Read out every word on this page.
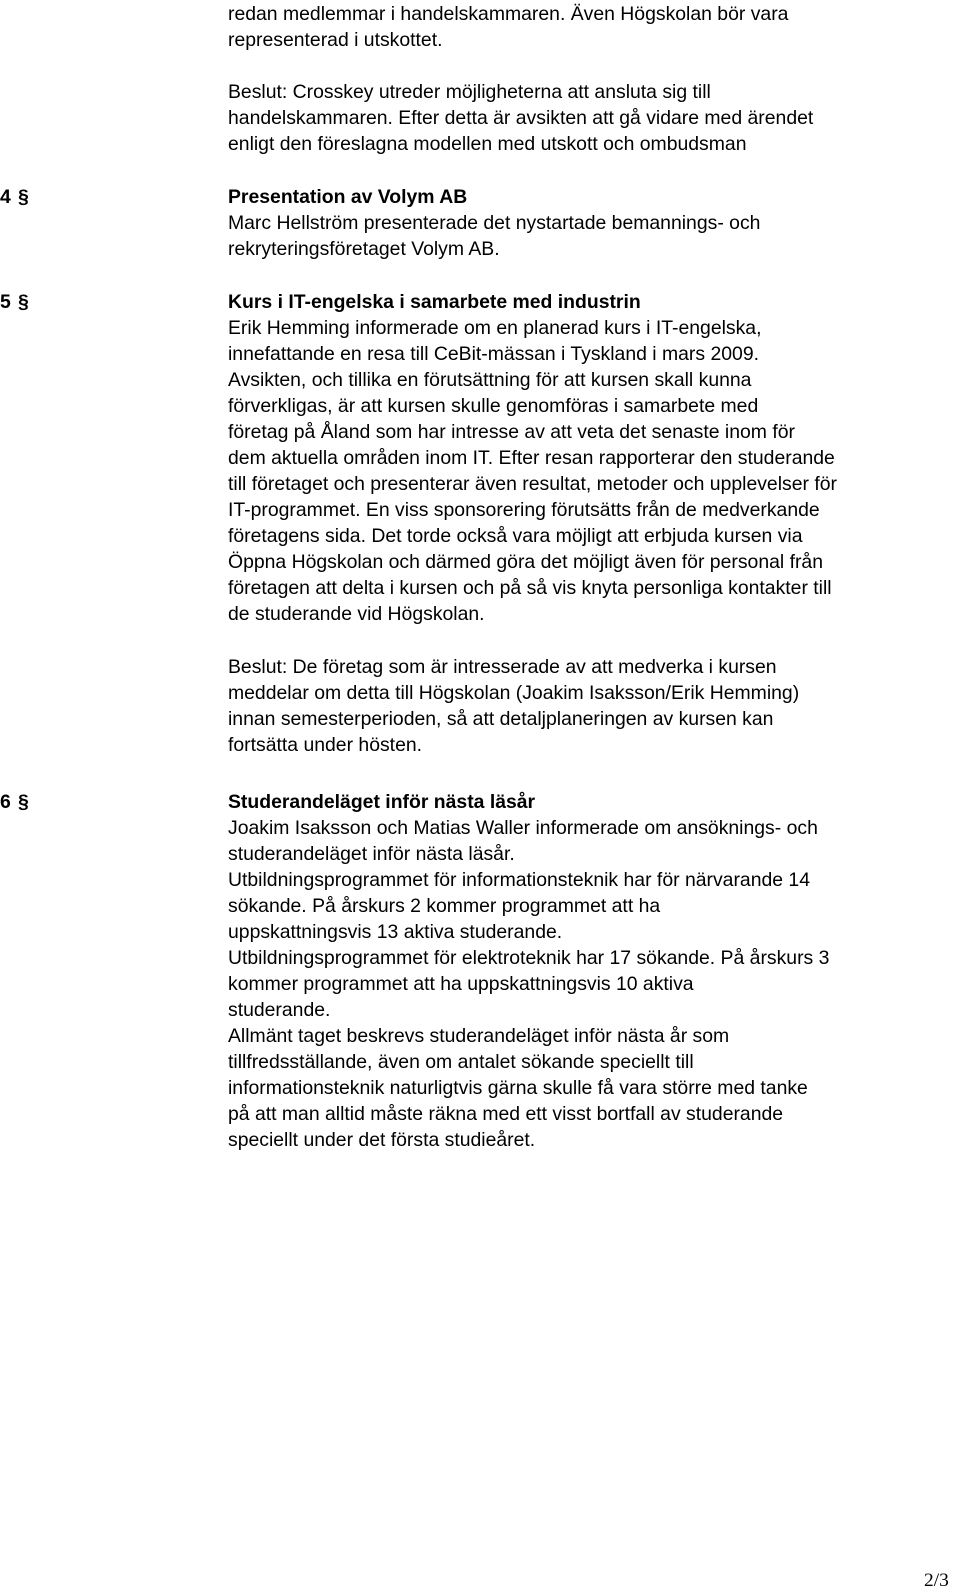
redan medlemmar i handelskammaren. Även Högskolan bör vara
representerad i utskottet.
Beslut: Crosskey utreder möjligheterna att ansluta sig till
handelskammaren. Efter detta är avsikten att gå vidare med ärendet
enligt den föreslagna modellen med utskott och ombudsman
4 §	Presentation av Volym AB
Marc Hellström presenterade det nystartade bemannings- och
rekryteringsföretaget Volym AB.
5 §	Kurs i IT-engelska i samarbete med industrin
Erik Hemming informerade om en planerad kurs i IT-engelska,
innefattande en resa till CeBit-mässan i Tyskland i mars 2009.
Avsikten, och tillika en förutsättning för att kursen skall kunna
förverkligas, är att kursen skulle genomföras i samarbete med
företag på Åland som har intresse av att veta det senaste inom för
dem aktuella områden inom IT. Efter resan rapporterar den studerande
till företaget och presenterar även resultat, metoder och upplevelser för
IT-programmet. En viss sponsorering förutsätts från de medverkande
företagens sida. Det torde också vara möjligt att erbjuda kursen via
Öppna Högskolan och därmed göra det möjligt även för personal från
företagen att delta i kursen och på så vis knyta personliga kontakter till
de studerande vid Högskolan.
Beslut: De företag som är intresserade av att medverka i kursen
meddelar om detta till Högskolan (Joakim Isaksson/Erik Hemming)
innan semesterperioden, så att detaljplaneringen av kursen kan
fortsätta under hösten.
6 §	Studerandeläget inför nästa läsår
Joakim Isaksson och Matias Waller informerade om ansöknings- och
studerandeläget inför nästa läsår.
Utbildningsprogrammet för informationsteknik har för närvarande 14
sökande. På årskurs 2 kommer programmet att ha
uppskattningsvis 13 aktiva studerande.
Utbildningsprogrammet för elektroteknik har 17 sökande. På årskurs 3
kommer programmet att ha uppskattningsvis 10 aktiva
studerande.
Allmänt taget beskrevs studerandeläget inför nästa år som
tillfredsställande, även om antalet sökande speciellt till
informationsteknik naturligtvis gärna skulle få vara större med tanke
på att man alltid måste räkna med ett visst bortfall av studerande
speciellt under det första studieåret.
2/3
